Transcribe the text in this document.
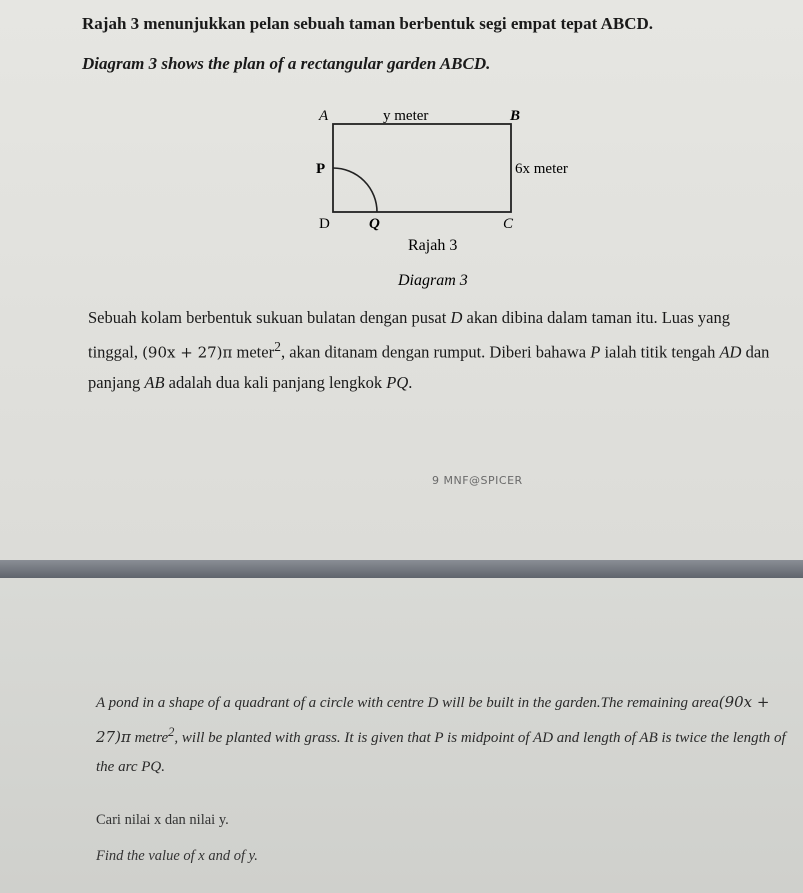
Rajah 3 menunjukkan pelan sebuah taman berbentuk segi empat tepat ABCD.

Diagram 3 shows the plan of a rectangular garden ABCD.

A	B
C
D
P
Q
y meter
6x meter
Rajah 3
Diagram 3

Sebuah kolam berbentuk sukuan bulatan dengan pusat D akan dibina dalam taman itu. Luas yang tinggal, (90x + 27)π meter$^2$, akan ditanam dengan rumput. Diberi bahawa P ialah titik tengah AD dan panjang AB adalah dua kali panjang lengkok PQ.

9 MNF@SPICER

A pond in a shape of a quadrant of a circle with centre D will be built in the garden.The remaining area(90x + 27)π metre$^2$, will be planted with grass. It is given that P is midpoint of AD and length of AB is twice the length of the arc PQ.

Cari nilai x dan nilai y.

Find the value of x and of y.
